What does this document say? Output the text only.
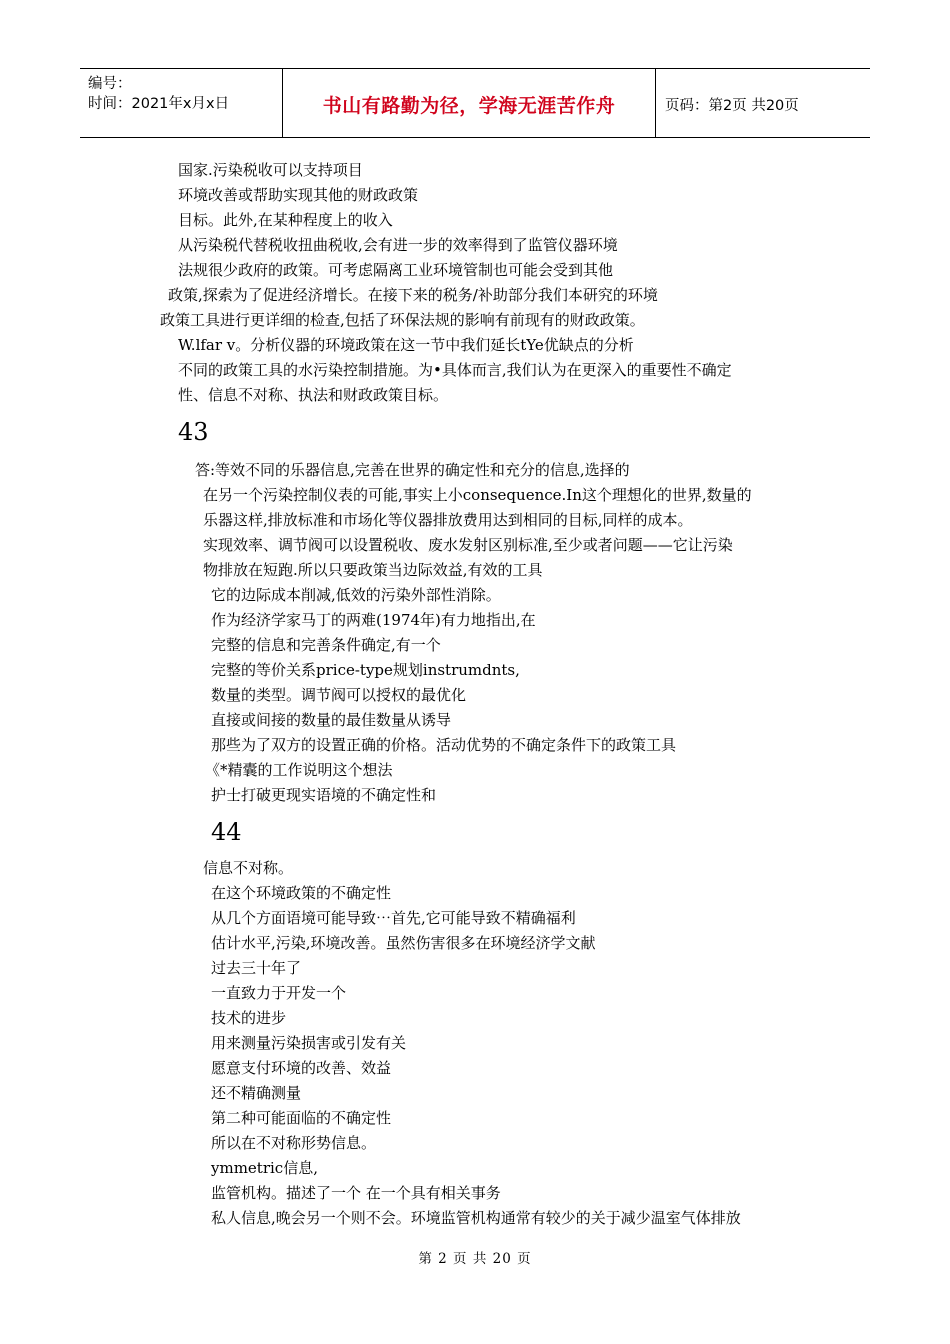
编号：
时间：2021年x月x日	书山有路勤为径，学海无涯苦作舟	页码：第2页 共20页
国家.污染税收可以支持项目
环境改善或帮助实现其他的财政政策
目标。此外,在某种程度上的收入
从污染税代替税收扭曲税收,会有进一步的效率得到了监管仪器环境
法规很少政府的政策。可考虑隔离工业环境管制也可能会受到其他
政策,探索为了促进经济增长。在接下来的税务/补助部分我们本研究的环境
政策工具进行更详细的检查,包括了环保法规的影响有前现有的财政政策。
W.lfar v。分析仪器的环境政策在这一节中我们延长tYe优缺点的分析
不同的政策工具的水污染控制措施。为•具体而言,我们认为在更深入的重要性不确定
性、信息不对称、执法和财政政策目标。
43
答:等效不同的乐器信息,完善在世界的确定性和充分的信息,选择的
在另一个污染控制仪表的可能,事实上小consequence.In这个理想化的世界,数量的
乐器这样,排放标准和市场化等仪器排放费用达到相同的目标,同样的成本。
实现效率、调节阀可以设置税收、废水发射区别标准,至少或者问题——它让污染
物排放在短跑.所以只要政策当边际效益,有效的工具
它的边际成本削减,低效的污染外部性消除。
作为经济学家马丁的两难(1974年)有力地指出,在
完整的信息和完善条件确定,有一个
完整的等价关系price-type规划instrumdnts,
数量的类型。调节阀可以授权的最优化
直接或间接的数量的最佳数量从诱导
那些为了双方的设置正确的价格。活动优势的不确定条件下的政策工具
《*精囊的工作说明这个想法
护士打破更现实语境的不确定性和
44
信息不对称。
在这个环境政策的不确定性
从几个方面语境可能导致⋯首先,它可能导致不精确福利
估计水平,污染,环境改善。虽然伤害很多在环境经济学文献
过去三十年了
一直致力于开发一个
技术的进步
用来测量污染损害或引发有关
愿意支付环境的改善、效益
还不精确测量
第二种可能面临的不确定性
所以在不对称形势信息。
ymmetric信息,
监管机构。描述了一个 在一个具有相关事务
私人信息,晚会另一个则不会。环境监管机构通常有较少的关于减少温室气体排放
第 2 页 共 20 页
